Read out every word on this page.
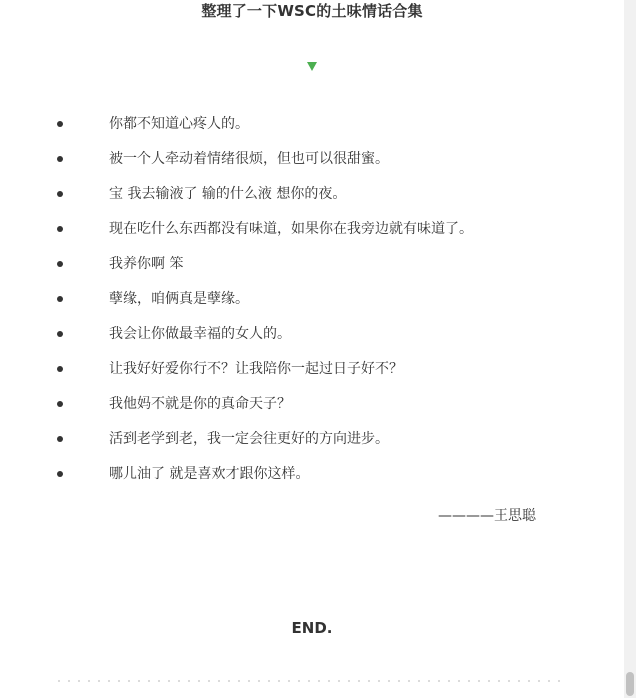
整理了一下WSC的土味情话合集
你都不知道心疼人的。
被一个人牵动着情绪很烦，但也可以很甜蜜。
宝 我去输液了 输的什么液 想你的夜。
现在吃什么东西都没有味道，如果你在我旁边就有味道了。
我养你啊 笨
孽缘，咱俩真是孽缘。
我会让你做最幸福的女人的。
让我好好爱你行不？让我陪你一起过日子好不？
我他妈不就是你的真命天子？
活到老学到老，我一定会往更好的方向进步。
哪儿油了 就是喜欢才跟你这样。
————王思聪
END.
